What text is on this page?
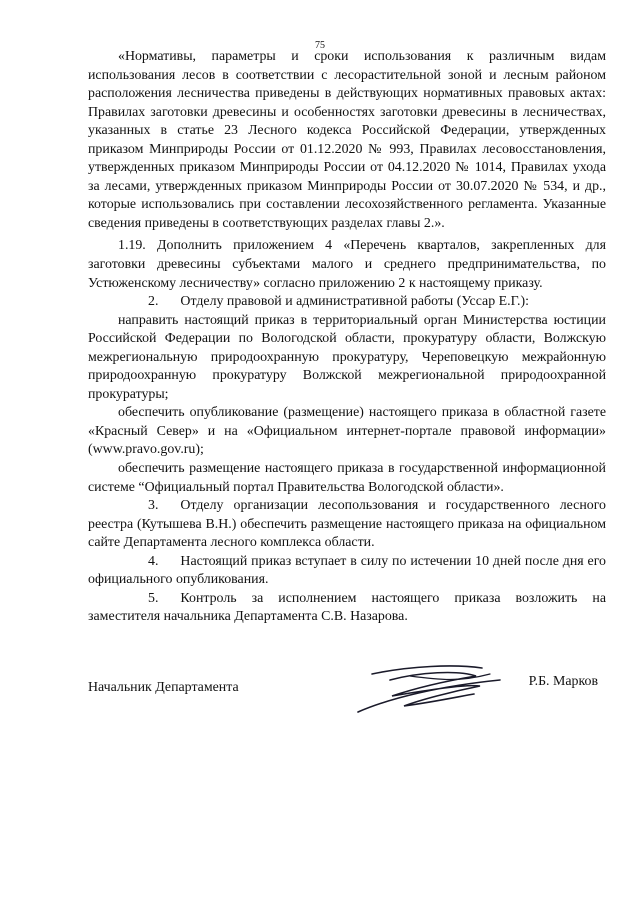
75

«Нормативы, параметры и сроки использования к различным видам использования лесов в соответствии с лесорастительной зоной и лесным районом расположения лесничества приведены в действующих нормативных правовых актах: Правилах заготовки древесины и особенностях заготовки древесины в лесничествах, указанных в статье 23 Лесного кодекса Российской Федерации, утвержденных приказом Минприроды России от 01.12.2020 № 993, Правилах лесовосстановления, утвержденных приказом Минприроды России от 04.12.2020 № 1014, Правилах ухода за лесами, утвержденных приказом Минприроды России от 30.07.2020 № 534, и др., которые использовались при составлении лесохозяйственного регламента. Указанные сведения приведены в соответствующих разделах главы 2.».

1.19. Дополнить приложением 4 «Перечень кварталов, закрепленных для заготовки древесины субъектами малого и среднего предпринимательства, по Устюженскому лесничеству» согласно приложению 2 к настоящему приказу.

2. Отделу правовой и административной работы (Уссар Е.Г.):

направить настоящий приказ в территориальный орган Министерства юстиции Российской Федерации по Вологодской области, прокуратуру области, Волжскую межрегиональную природоохранную прокуратуру, Череповецкую межрайонную природоохранную прокуратуру Волжской межрегиональной природоохранной прокуратуры;

обеспечить опубликование (размещение) настоящего приказа в областной газете «Красный Север» и на «Официальном интернет-портале правовой информации» (www.pravo.gov.ru);

обеспечить размещение настоящего приказа в государственной информационной системе “Официальный портал Правительства Вологодской области».

3. Отделу организации лесопользования и государственного лесного реестра (Кутышева В.Н.) обеспечить размещение настоящего приказа на официальном сайте Департамента лесного комплекса области.

4. Настоящий приказ вступает в силу по истечении 10 дней после дня его официального опубликования.

5. Контроль за исполнением настоящего приказа возложить на заместителя начальника Департамента С.В. Назарова.

Начальник Департамента	Р.Б. Марков
